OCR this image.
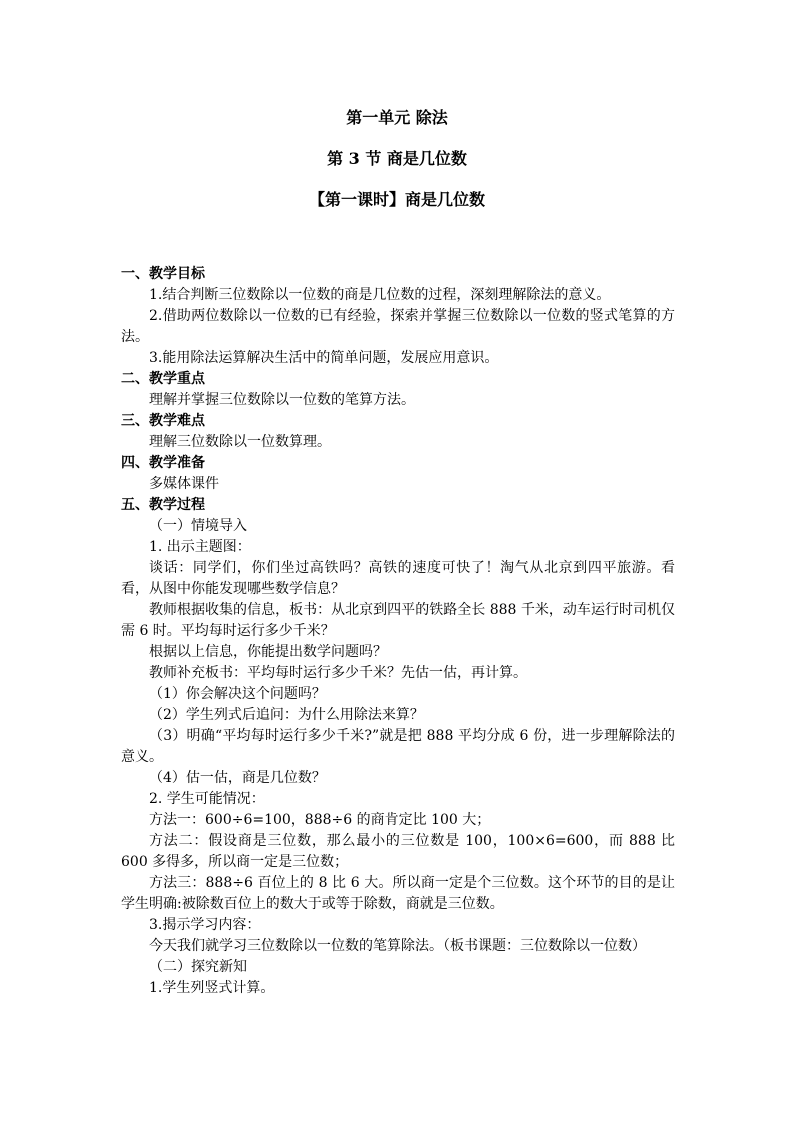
第一单元 除法
第 3 节 商是几位数
【第一课时】商是几位数

一、教学目标

1.结合判断三位数除以一位数的商是几位数的过程，深刻理解除法的意义。

2.借助两位数除以一位数的已有经验，探索并掌握三位数除以一位数的竖式笔算的方法。

3.能用除法运算解决生活中的简单问题，发展应用意识。

二、教学重点

理解并掌握三位数除以一位数的笔算方法。

三、教学难点

理解三位数除以一位数算理。

四、教学准备

多媒体课件

五、教学过程

（一）情境导入

1. 出示主题图：

谈话：同学们，你们坐过高铁吗？高铁的速度可快了！淘气从北京到四平旅游。看看，从图中你能发现哪些数学信息？

教师根据收集的信息，板书：从北京到四平的铁路全长 888 千米，动车运行时司机仅需 6 时。平均每时运行多少千米？

根据以上信息，你能提出数学问题吗？

教师补充板书：平均每时运行多少千米？先估一估，再计算。

（1）你会解决这个问题吗？

（2）学生列式后追问：为什么用除法来算？

（3）明确“平均每时运行多少千米?”就是把 888 平均分成 6 份，进一步理解除法的意义。

（4）估一估，商是几位数？

2. 学生可能情况：

方法一：600÷6=100，888÷6 的商肯定比 100 大；

方法二：假设商是三位数，那么最小的三位数是 100，100×6=600，而 888 比 600 多得多，所以商一定是三位数；

方法三：888÷6 百位上的 8 比 6 大。所以商一定是个三位数。这个环节的目的是让学生明确:被除数百位上的数大于或等于除数，商就是三位数。

3.揭示学习内容：

今天我们就学习三位数除以一位数的笔算除法。（板书课题：三位数除以一位数）

（二）探究新知

1.学生列竖式计算。
